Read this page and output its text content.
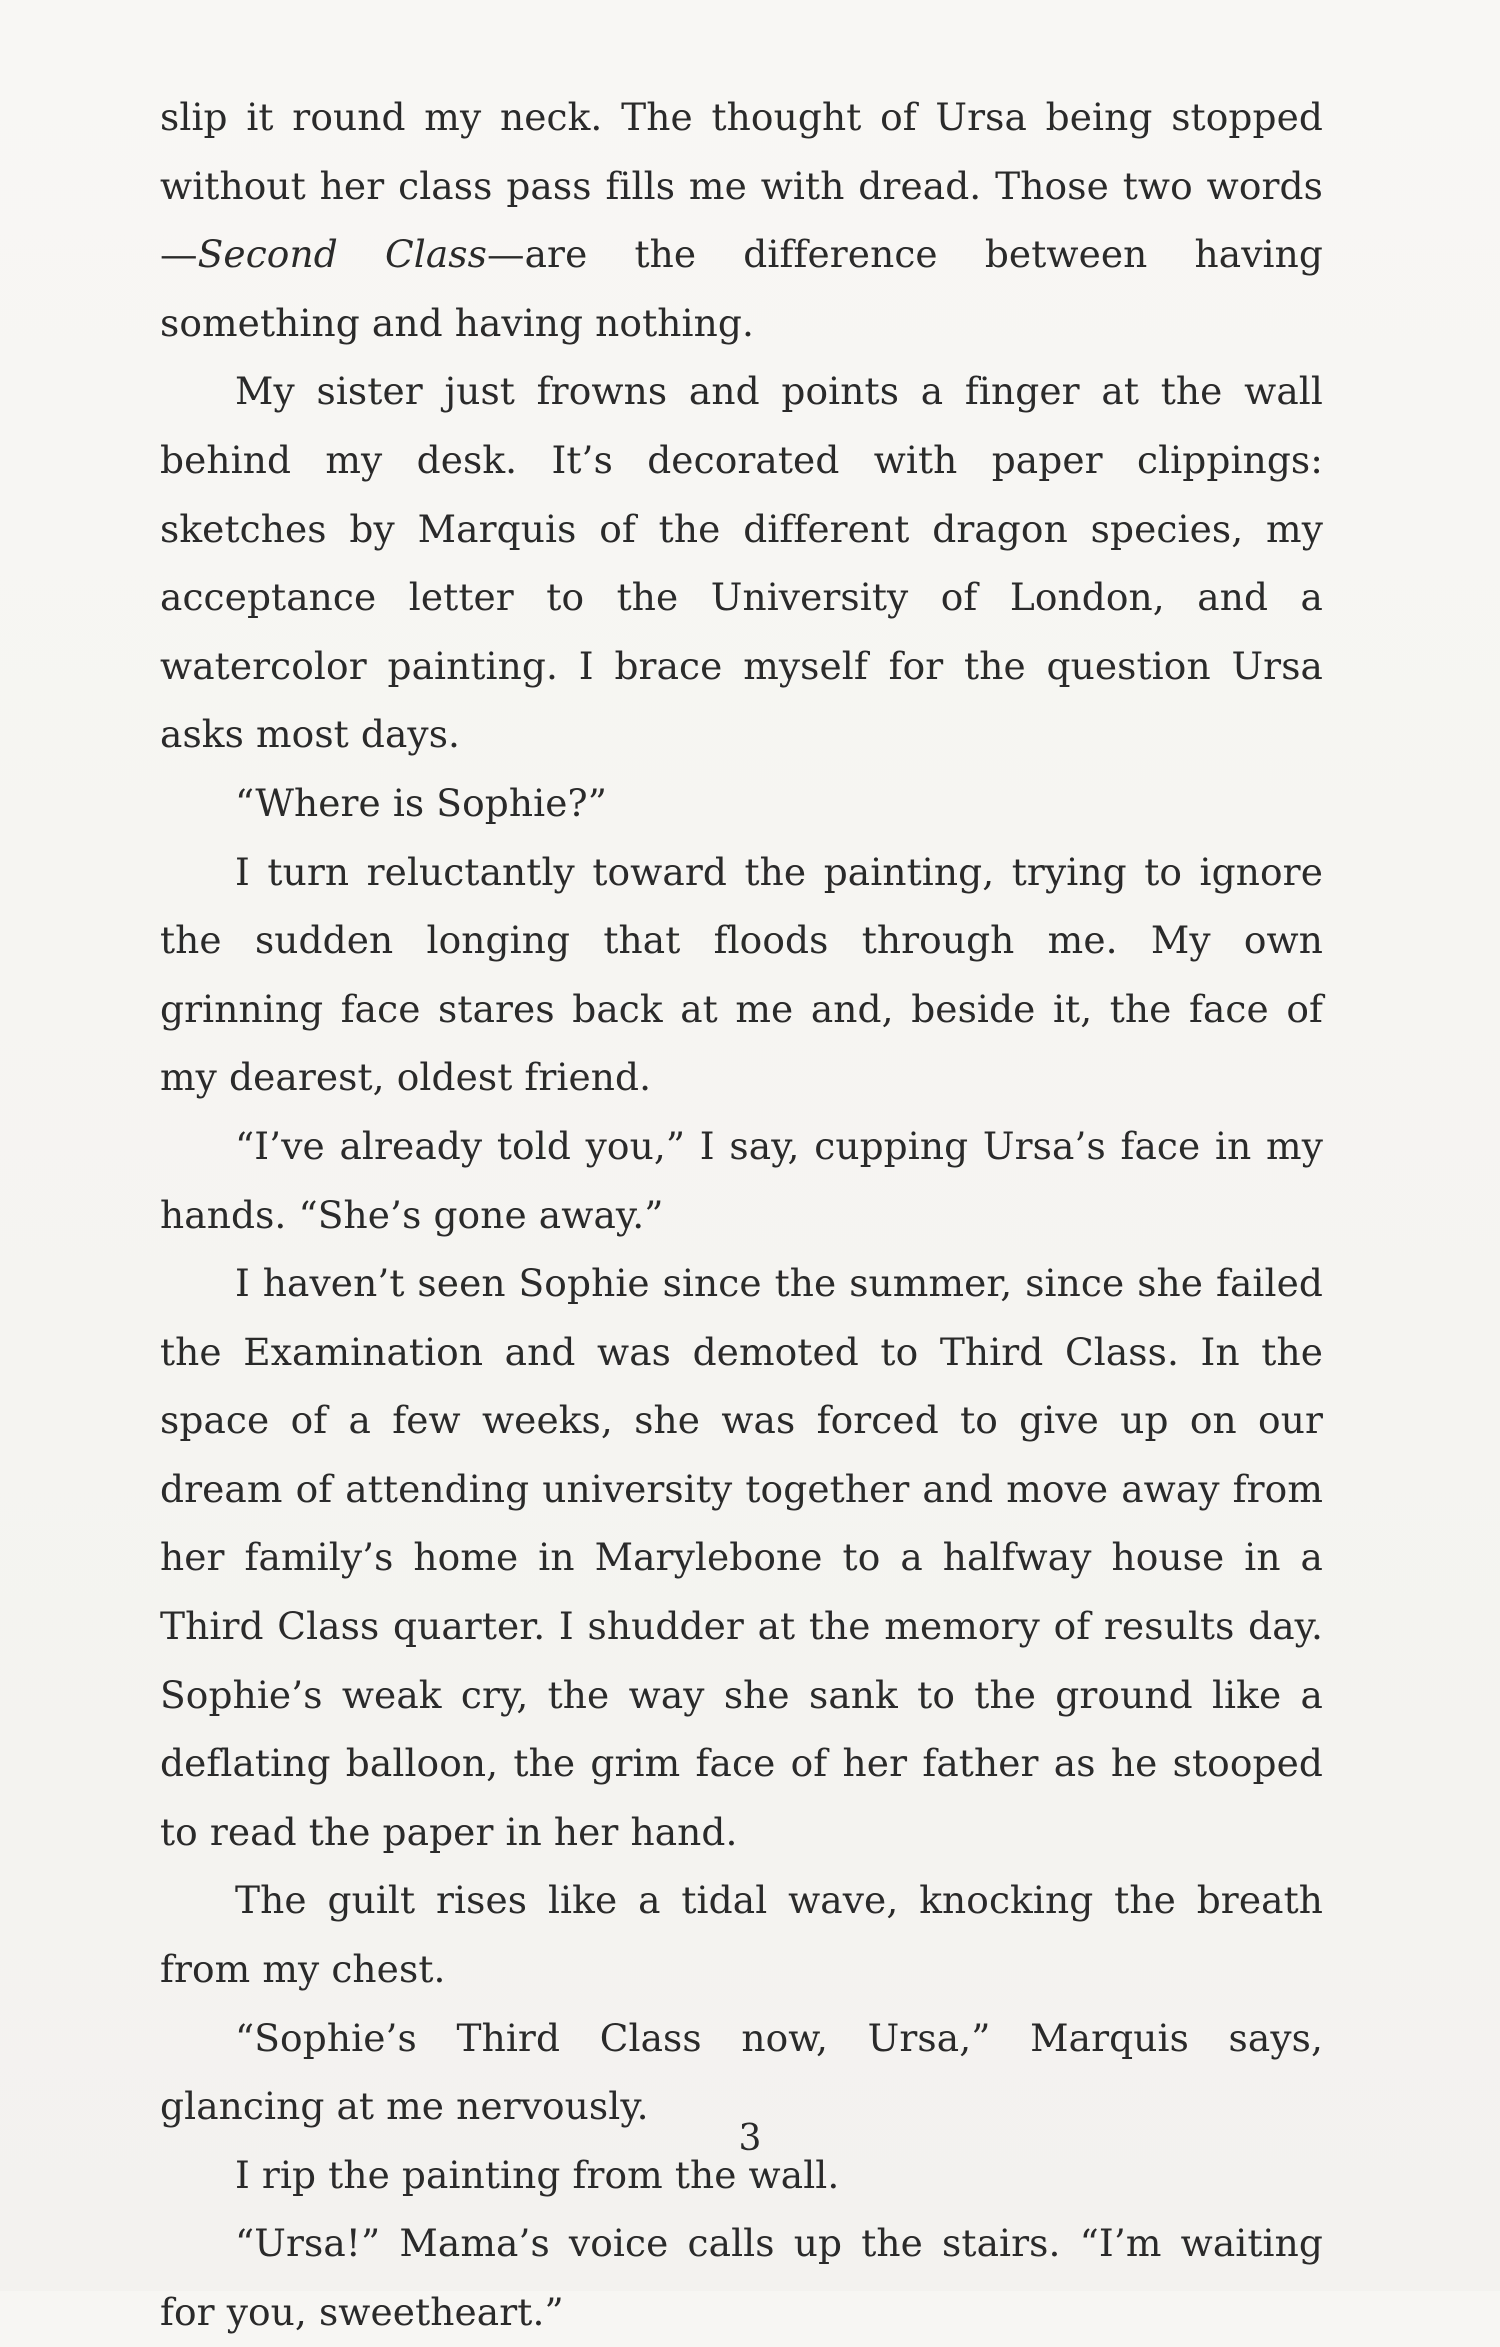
slip it round my neck. The thought of Ursa being stopped without her class pass fills me with dread. Those two words—Second Class—are the difference between having something and having nothing.

My sister just frowns and points a finger at the wall behind my desk. It’s decorated with paper clippings: sketches by Marquis of the different dragon species, my acceptance letter to the University of London, and a watercolor painting. I brace myself for the question Ursa asks most days.

“Where is Sophie?”

I turn reluctantly toward the painting, trying to ignore the sudden longing that floods through me. My own grinning face stares back at me and, beside it, the face of my dearest, oldest friend.

“I’ve already told you,” I say, cupping Ursa’s face in my hands. “She’s gone away.”

I haven’t seen Sophie since the summer, since she failed the Examination and was demoted to Third Class. In the space of a few weeks, she was forced to give up on our dream of attending university together and move away from her family’s home in Marylebone to a halfway house in a Third Class quarter. I shudder at the memory of results day. Sophie’s weak cry, the way she sank to the ground like a deflating balloon, the grim face of her father as he stooped to read the paper in her hand.

The guilt rises like a tidal wave, knocking the breath from my chest.

“Sophie’s Third Class now, Ursa,” Marquis says, glancing at me nervously.

I rip the painting from the wall.

“Ursa!” Mama’s voice calls up the stairs. “I’m waiting for you, sweetheart.”

3
